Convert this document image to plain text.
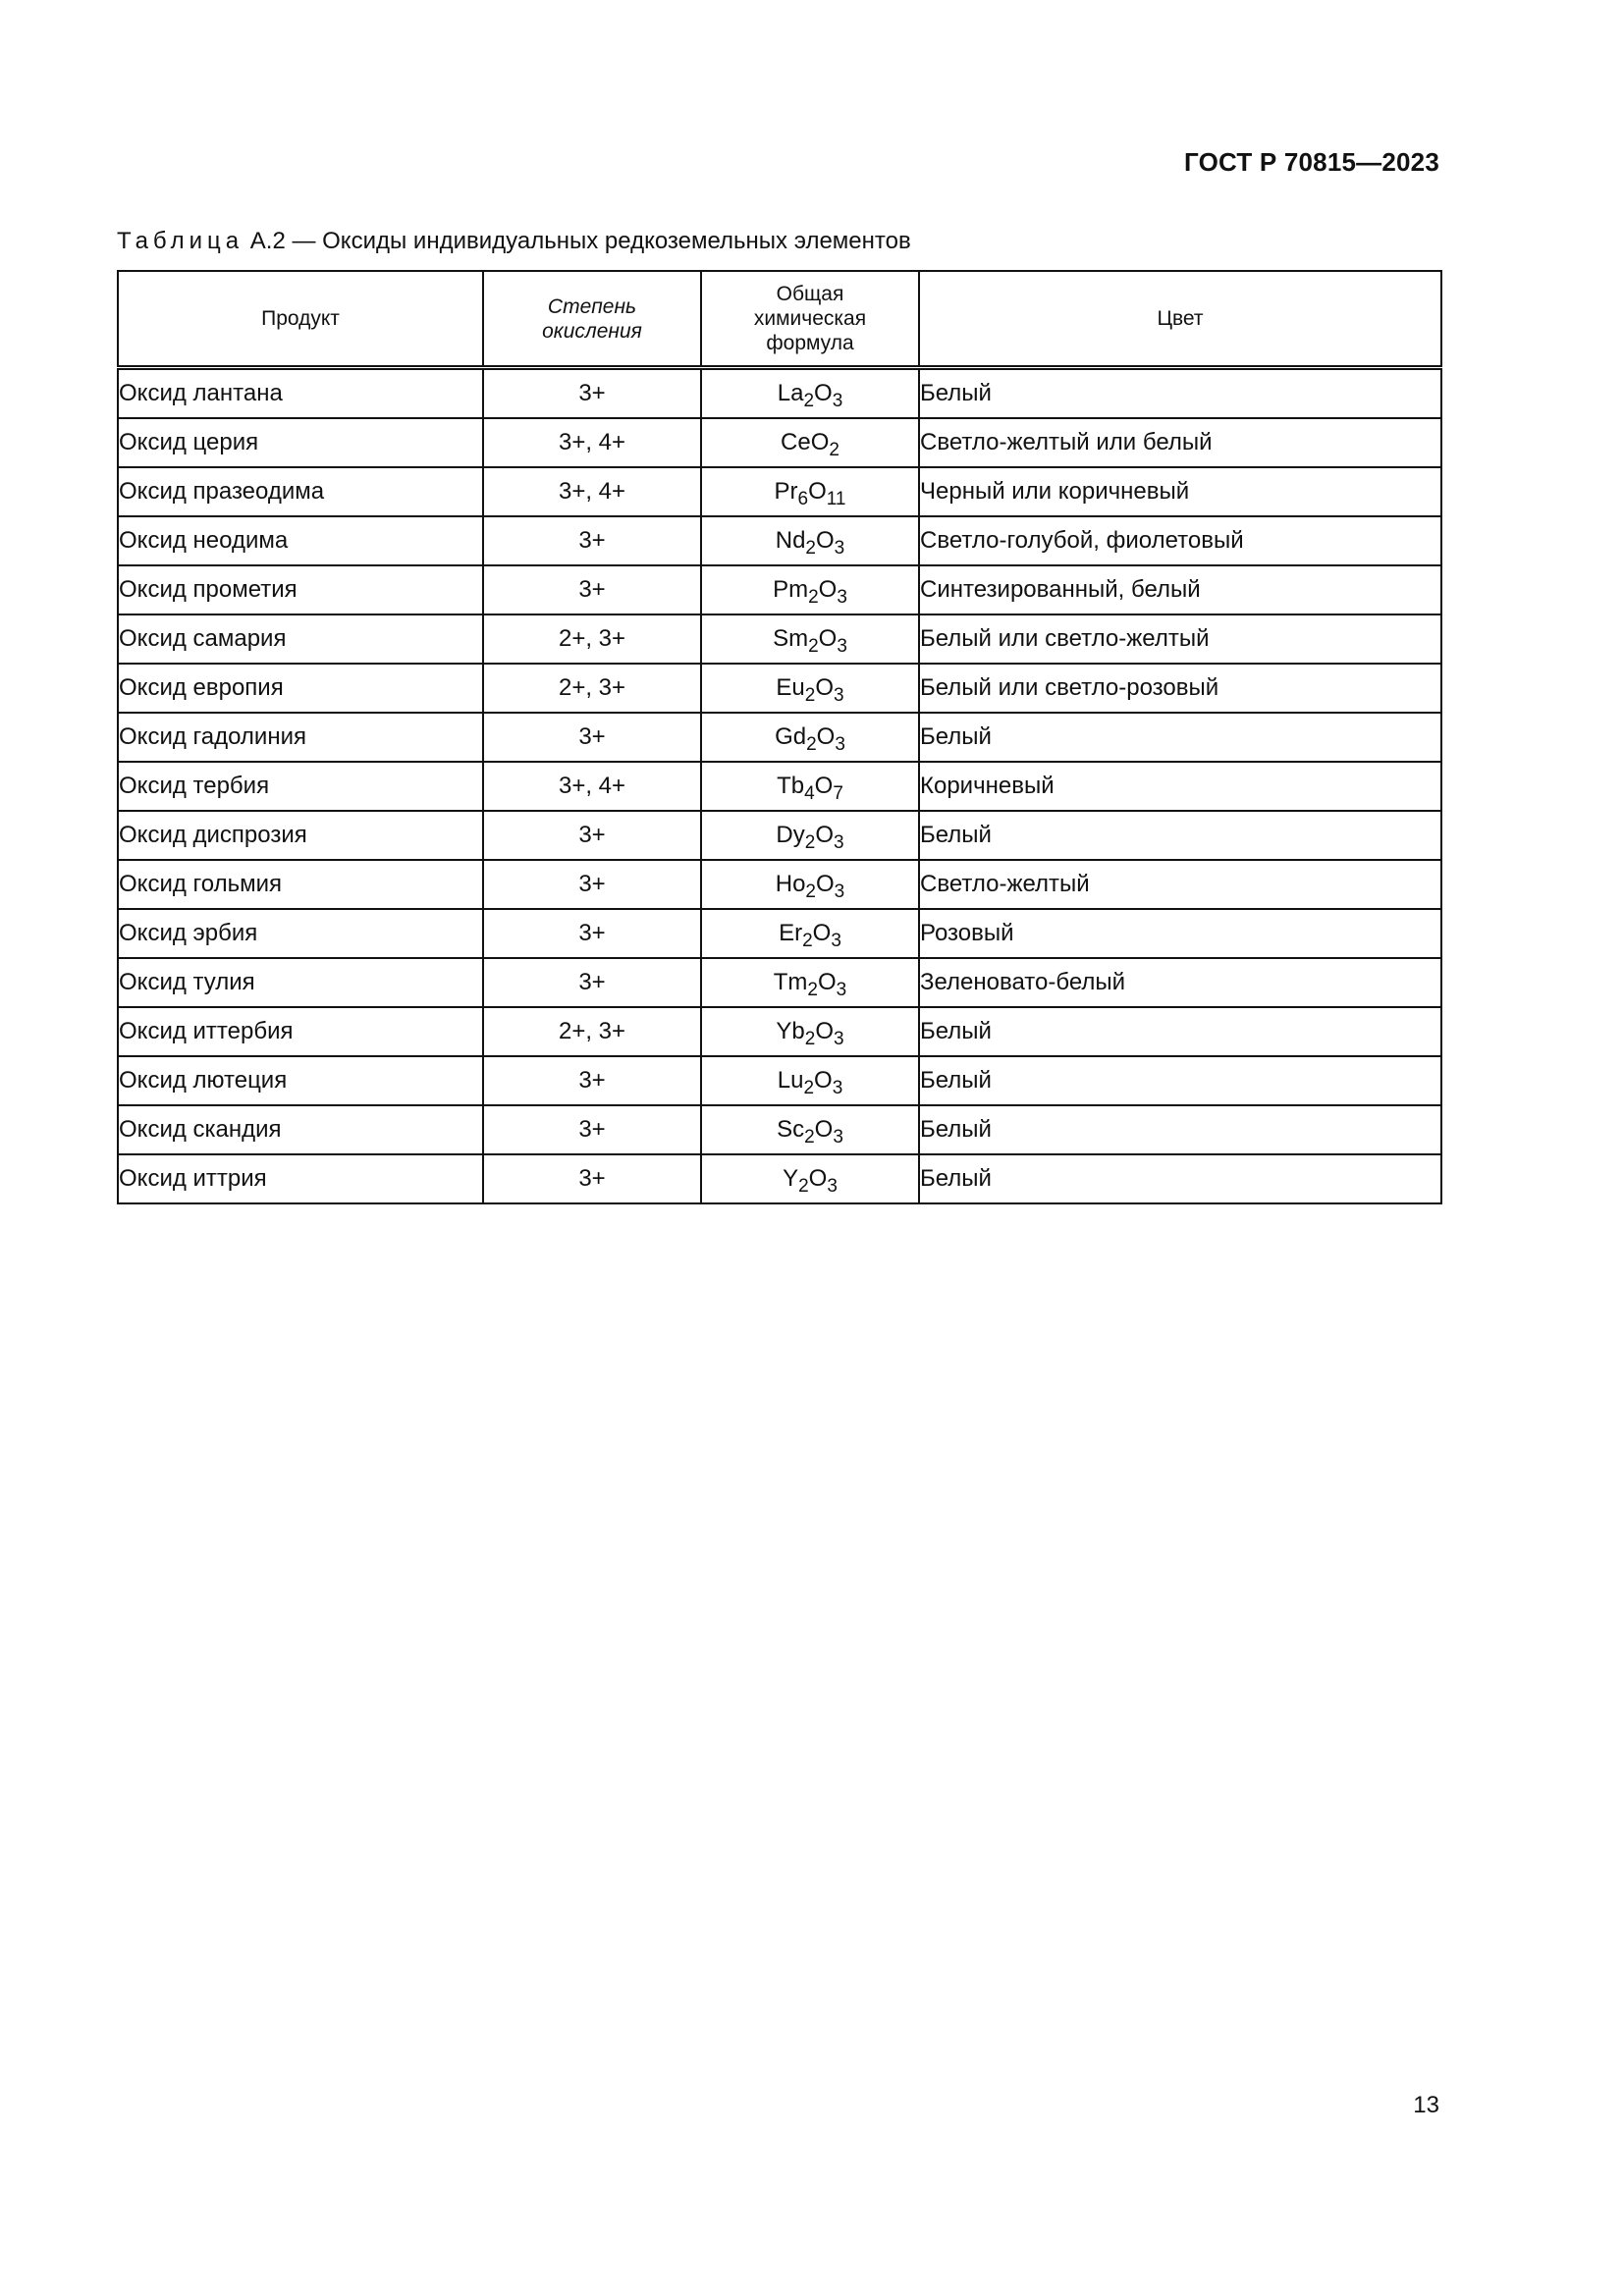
ГОСТ Р 70815—2023
Таблица А.2 — Оксиды индивидуальных редкоземельных элементов
Продукт	Степень окисления	Общая химическая формула	Цвет
Оксид лантана	3+	$La_2O_3$	Белый
Оксид церия	3+, 4+	CeO$_2$	Светло-желтый или белый
Оксид празеодима	3+, 4+	$Pr_6O_{11}$	Черный или коричневый
Оксид неодима	3+	$Nd_2O_3$	Светло-голубой, фиолетовый
Оксид прометия	3+	$Pm_2O_3$	Синтезированный, белый
Оксид самария	2+, 3+	$Sm_2O_3$	Белый или светло-желтый
Оксид европия	2+, 3+	$Eu_2O_3$	Белый или светло-розовый
Оксид гадолиния	3+	$Gd_2O_3$	Белый
Оксид тербия	3+, 4+	$Tb_4O_7$	Коричневый
Оксид диспрозия	3+	$Dy_2O_3$	Белый
Оксид гольмия	3+	$Ho_2O_3$	Светло-желтый
Оксид эрбия	3+	$Er_2O_3$	Розовый
Оксид тулия	3+	$Tm_2O_3$	Зеленовато-белый
Оксид иттербия	2+, 3+	$Yb_2O_3$	Белый
Оксид лютеция	3+	$Lu_2O_3$	Белый
Оксид скандия	3+	$Sc_2O_3$	Белый
Оксид иттрия	3+	$Y_2O_3$	Белый
13
